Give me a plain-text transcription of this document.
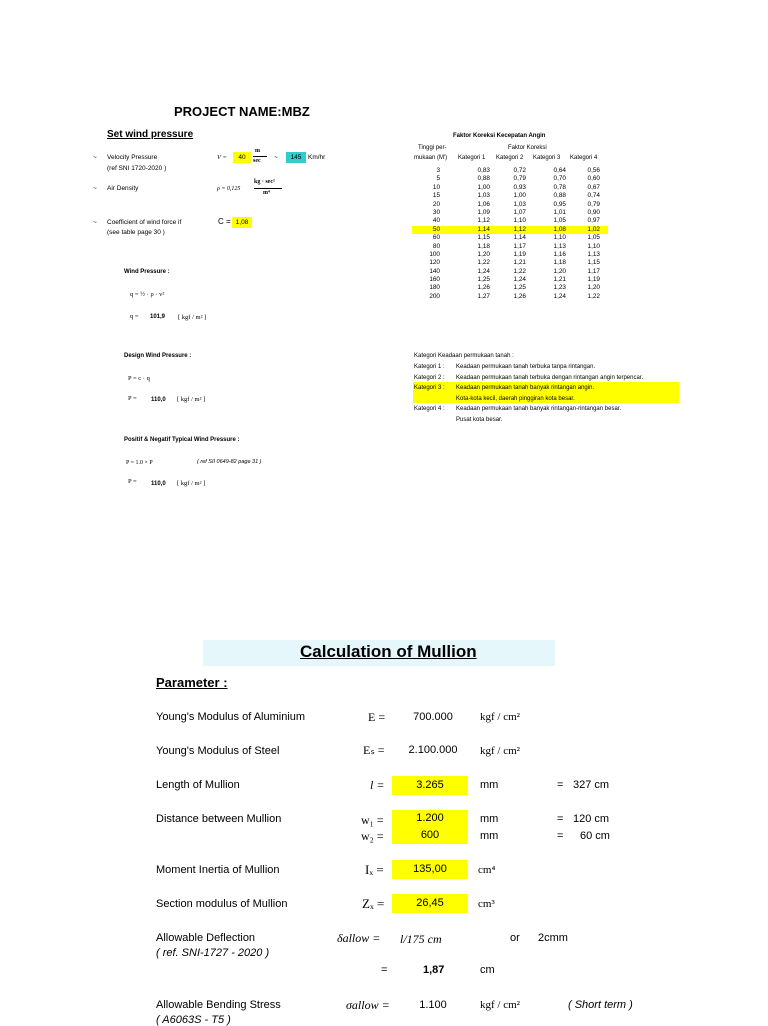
PROJECT NAME:MBZ
Set wind pressure
~ Velocity Pressure
(ref SNI 1720-2020 )
V =	40
m
sec ~	145	Km/hr
~ Air Density	ρ = 0,125
kg · sec²
m⁴
~ Coefficient of wind force if
(see table page 30 )
C = 1,08
Wind Pressure :
q = ½ · ρ · v²
q = 101,9 [ kgf / m² ]
Design Wind Pressure :
P = c · q
P = 110,0 [ kgf / m² ]
Positif & Negatif Typical Wind Pressure :
P = 1.0 × P	( ref SII 0649-82 page 31 )
P = 110,0 [ kgf / m² ]
Faktor Koreksi Kecepatan Angin
Tinggi per-	Faktor Koreksi
mukaan (M') Kategori 1 Kategori 2 Kategori 3 Kategori 4
3	0,83	0,72	0,64	0,56
5	0,88	0,79	0,70	0,60
10	1,00	0,93	0,78	0,67
15	1,03	1,00	0,88	0,74
20	1,06	1,03	0,95	0,79
30	1,09	1,07	1,01	0,90
40	1,12	1,10	1,05	0,97
50	1,14	1,12	1,08	1,02
60	1,15	1,14	1,10	1,05
80	1,18	1,17	1,13	1,10
100	1,20	1,19	1,16	1,13
120	1,22	1,21	1,18	1,15
140	1,24	1,22	1,20	1,17
160	1,25	1,24	1,21	1,19
180	1,26	1,25	1,23	1,20
200	1,27	1,26	1,24	1,22
Kategori Keadaan permukaan tanah :
Kategori 1 : Keadaan permukaan tanah terbuka tanpa rintangan.
Kategori 2 : Keadaan permukaan tanah terbuka dengan rintangan angin terpencar.
Kategori 3 : Keadaan permukaan tanah banyak rintangan angin.
Kota-kota kecil, daerah pinggiran kota besar.
Kategori 4 : Keadaan permukaan tanah banyak rintangan-rintangan besar.
Pusat kota besar.
Calculation of Mullion
Parameter :
Young's Modulus of Aluminium	E =	700.000	kgf / cm²
Young's Modulus of Steel	Eₛ =	2.100.000	kgf / cm²
Length of Mullion	l =	3.265	mm	= 327 cm
Distance between Mullion	w₁ =	1.200	mm	= 120 cm
w₂ =	600	mm	= 60 cm
Moment Inertia of Mullion	Iₓ =	135,00	cm⁴
Section modulus of Mullion	Zₓ =	26,45	cm³
Allowable Deflection
( ref. SNI-1727 - 2020 )
δallow = l/175 cm	or 2cmm
=	1,87	cm
Allowable Bending Stress
( A6063S - T5 )
σallow =	1.100	kgf / cm²	( Short term )
